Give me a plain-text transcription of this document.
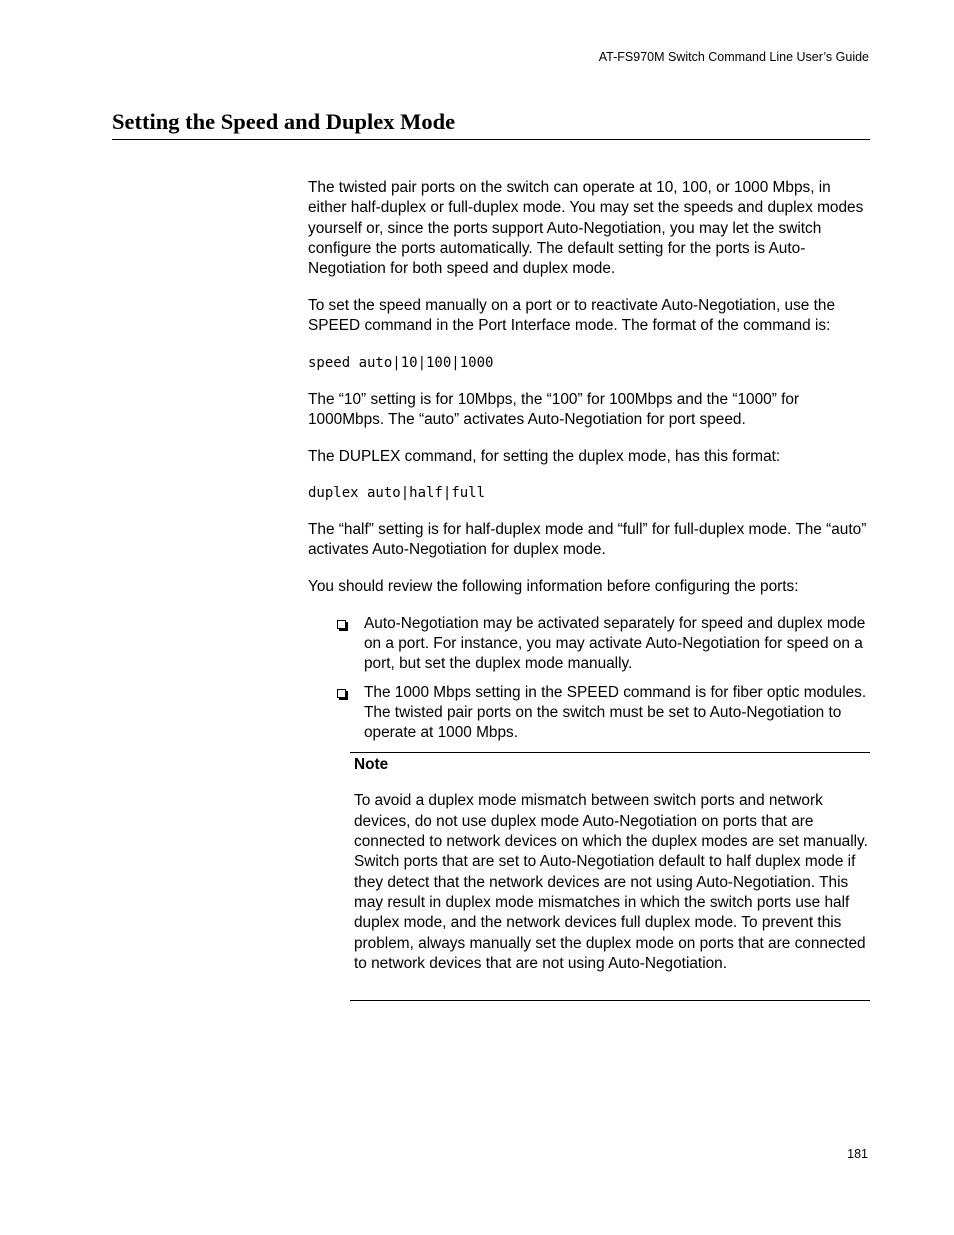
AT-FS970M Switch Command Line User’s Guide
Setting the Speed and Duplex Mode

The twisted pair ports on the switch can operate at 10, 100, or 1000 Mbps, in either half-duplex or full-duplex mode. You may set the speeds and duplex modes yourself or, since the ports support Auto-Negotiation, you may let the switch configure the ports automatically. The default setting for the ports is Auto-Negotiation for both speed and duplex mode.

To set the speed manually on a port or to reactivate Auto-Negotiation, use the SPEED command in the Port Interface mode. The format of the command is:

speed auto|10|100|1000

The “10” setting is for 10Mbps, the “100” for 100Mbps and the “1000” for 1000Mbps. The “auto” activates Auto-Negotiation for port speed.

The DUPLEX command, for setting the duplex mode, has this format:

duplex auto|half|full

The “half” setting is for half-duplex mode and “full” for full-duplex mode. The “auto” activates Auto-Negotiation for duplex mode.

You should review the following information before configuring the ports:

Auto-Negotiation may be activated separately for speed and duplex mode on a port. For instance, you may activate Auto-Negotiation for speed on a port, but set the duplex mode manually.
The 1000 Mbps setting in the SPEED command is for fiber optic modules. The twisted pair ports on the switch must be set to Auto-Negotiation to operate at 1000 Mbps.

Note

To avoid a duplex mode mismatch between switch ports and network devices, do not use duplex mode Auto-Negotiation on ports that are connected to network devices on which the duplex modes are set manually. Switch ports that are set to Auto-Negotiation default to half duplex mode if they detect that the network devices are not using Auto-Negotiation. This may result in duplex mode mismatches in which the switch ports use half duplex mode, and the network devices full duplex mode. To prevent this problem, always manually set the duplex mode on ports that are connected to network devices that are not using Auto-Negotiation.

181
